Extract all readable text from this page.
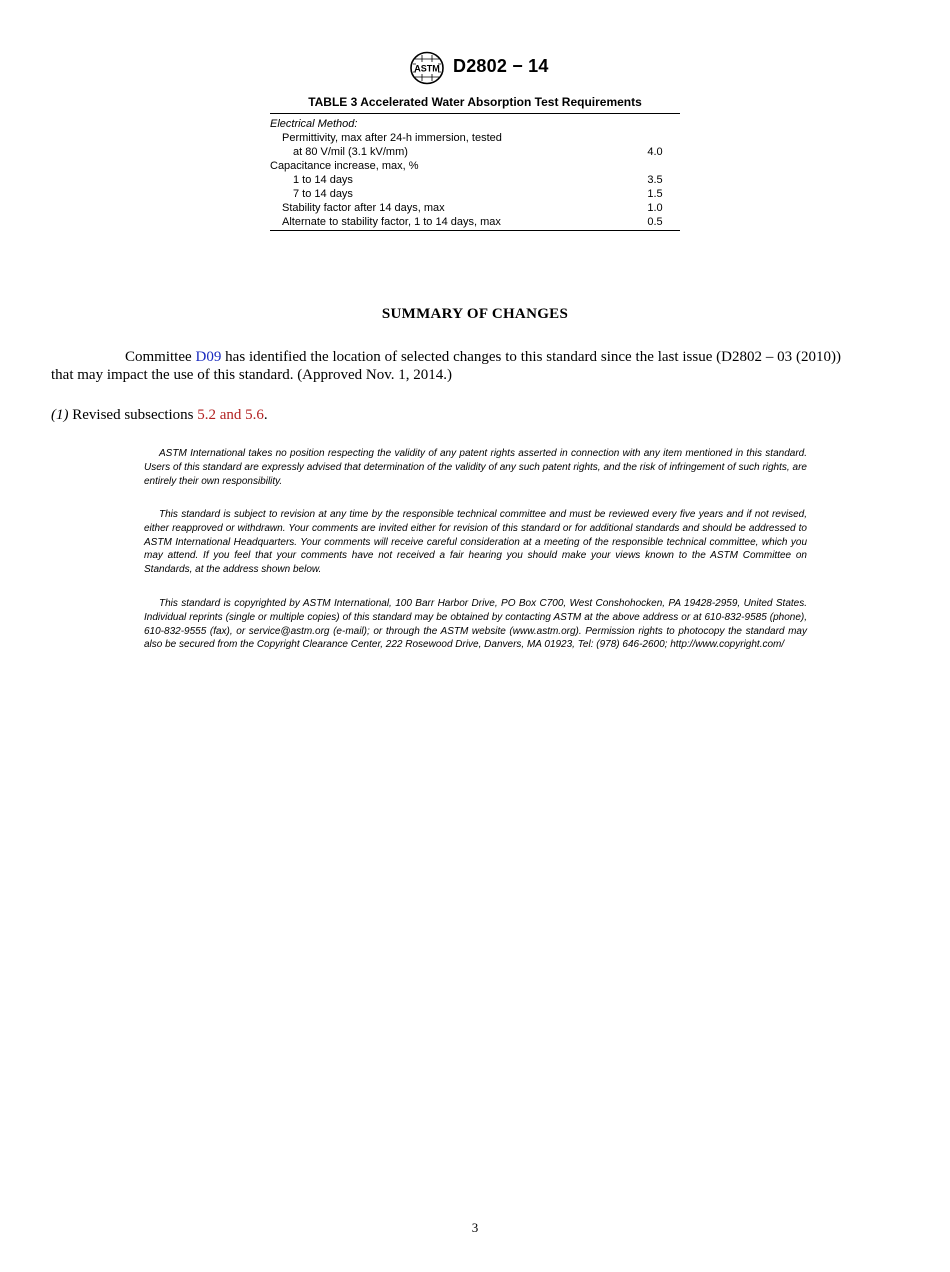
ASTM D2802 − 14
TABLE 3 Accelerated Water Absorption Test Requirements
Electrical Method:
Permittivity, max after 24-h immersion, tested
at 80 V/mil (3.1 kV/mm)	4.0
Capacitance increase, max, %
1 to 14 days	3.5
7 to 14 days	1.5
Stability factor after 14 days, max	1.0
Alternate to stability factor, 1 to 14 days, max	0.5
SUMMARY OF CHANGES
Committee D09 has identified the location of selected changes to this standard since the last issue (D2802 – 03 (2010)) that may impact the use of this standard. (Approved Nov. 1, 2014.)
(1) Revised subsections 5.2 and 5.6.
ASTM International takes no position respecting the validity of any patent rights asserted in connection with any item mentioned in this standard. Users of this standard are expressly advised that determination of the validity of any such patent rights, and the risk of infringement of such rights, are entirely their own responsibility.
This standard is subject to revision at any time by the responsible technical committee and must be reviewed every five years and if not revised, either reapproved or withdrawn. Your comments are invited either for revision of this standard or for additional standards and should be addressed to ASTM International Headquarters. Your comments will receive careful consideration at a meeting of the responsible technical committee, which you may attend. If you feel that your comments have not received a fair hearing you should make your views known to the ASTM Committee on Standards, at the address shown below.
This standard is copyrighted by ASTM International, 100 Barr Harbor Drive, PO Box C700, West Conshohocken, PA 19428-2959, United States. Individual reprints (single or multiple copies) of this standard may be obtained by contacting ASTM at the above address or at 610-832-9585 (phone), 610-832-9555 (fax), or service@astm.org (e-mail); or through the ASTM website (www.astm.org). Permission rights to photocopy the standard may also be secured from the Copyright Clearance Center, 222 Rosewood Drive, Danvers, MA 01923, Tel: (978) 646-2600; http://www.copyright.com/
3
